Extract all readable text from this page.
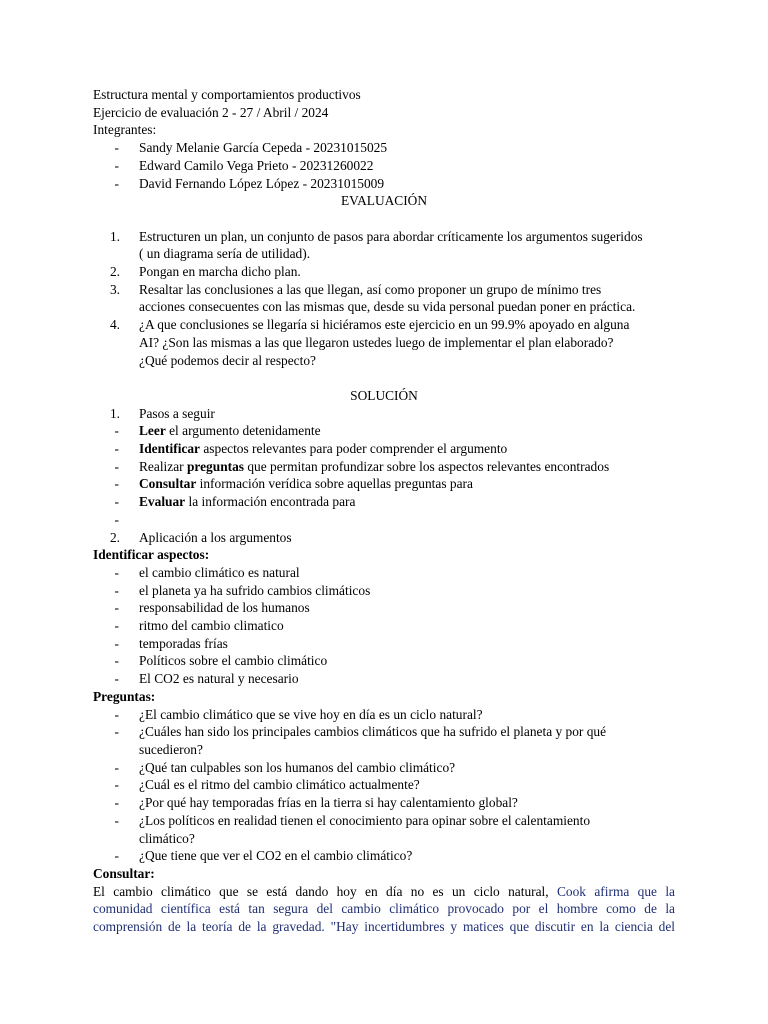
Estructura mental y comportamientos productivos
Ejercicio de evaluación 2 - 27 / Abril / 2024
Integrantes:
-	Sandy Melanie García Cepeda - 20231015025
-	Edward Camilo Vega Prieto - 20231260022
-	David Fernando López López - 20231015009
EVALUACIÓN
1.	Estructuren un plan, un conjunto de pasos para abordar críticamente los argumentos sugeridos
( un diagrama sería de utilidad).
2.	Pongan en marcha dicho plan.
3.	Resaltar las conclusiones a las que llegan, así como proponer un grupo de mínimo tres
acciones consecuentes con las mismas que, desde su vida personal puedan poner en práctica.
4.	¿A que conclusiones se llegaría si hiciéramos este ejercicio en un 99.9% apoyado en alguna
AI? ¿Son las mismas a las que llegaron ustedes luego de implementar el plan elaborado?
¿Qué podemos decir al respecto?
SOLUCIÓN
1.	Pasos a seguir
-	Leer el argumento detenidamente
-	Identificar aspectos relevantes para poder comprender el argumento
-	Realizar preguntas que permitan profundizar sobre los aspectos relevantes encontrados
-	Consultar información verídica sobre aquellas preguntas para
-	Evaluar la información encontrada para
-
2.	Aplicación a los argumentos
Identificar aspectos:
-	el cambio climático es natural
-	el planeta ya ha sufrido cambios climáticos
-	responsabilidad de los humanos
-	ritmo del cambio climatico
-	temporadas frías
-	Políticos sobre el cambio climático
-	El CO2 es natural y necesario
Preguntas:
-	¿El cambio climático que se vive hoy en día es un ciclo natural?
-	¿Cuáles han sido los principales cambios climáticos que ha sufrido el planeta y por qué
sucedieron?
-	¿Qué tan culpables son los humanos del cambio climático?
-	¿Cuál es el ritmo del cambio climático actualmente?
-	¿Por qué hay temporadas frías en la tierra si hay calentamiento global?
-	¿Los políticos en realidad tienen el conocimiento para opinar sobre el calentamiento
climático?
-	¿Que tiene que ver el CO2 en el cambio climático?
Consultar:
El cambio climático que se está dando hoy en día no es un ciclo natural, Cook afirma que la
comunidad científica está tan segura del cambio climático provocado por el hombre como de la
comprensión de la teoría de la gravedad. "Hay incertidumbres y matices que discutir en la ciencia del
